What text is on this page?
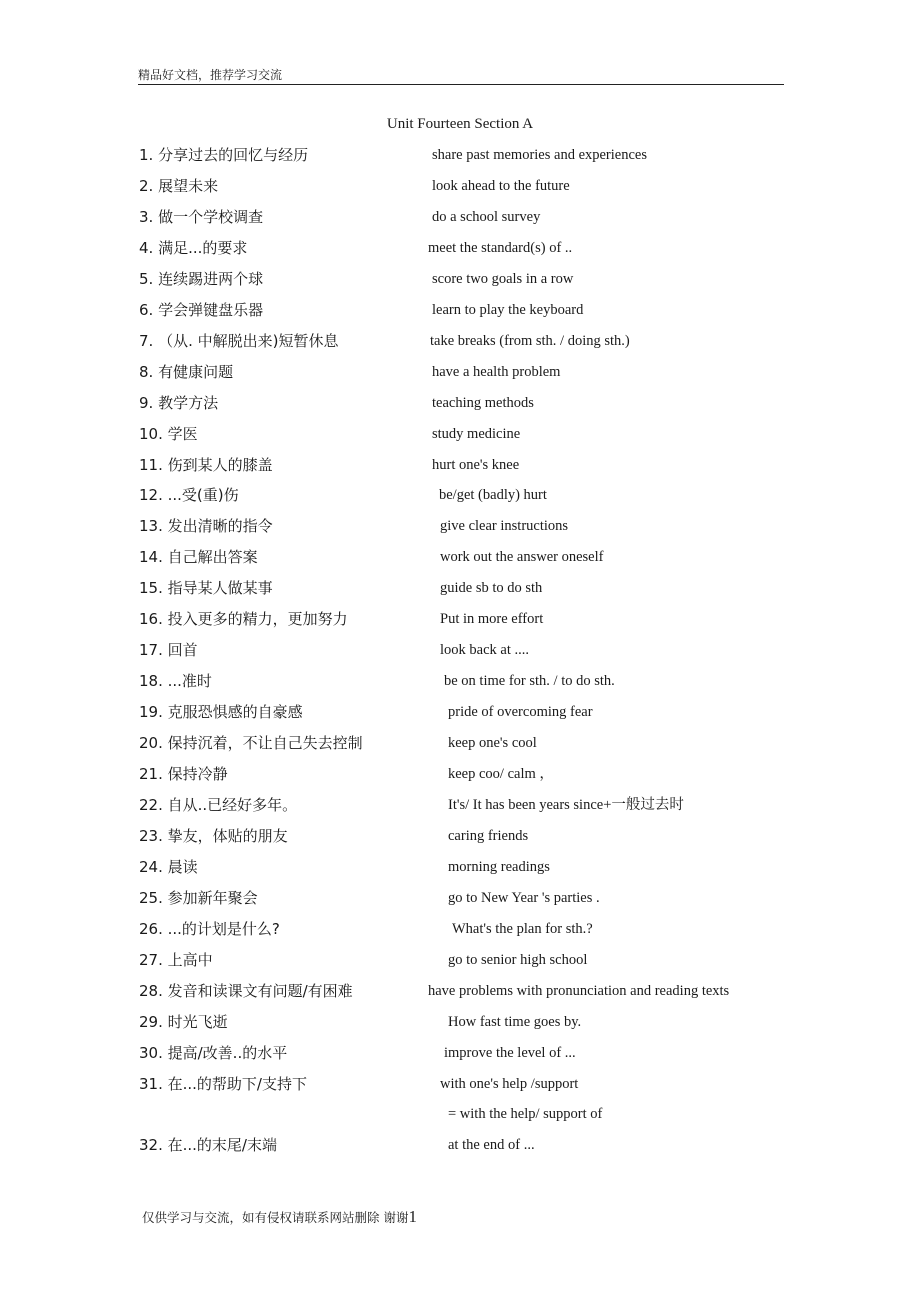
精品好文档，推荐学习交流
Unit Fourteen Section A
1. 分享过去的回忆与经历	share past memories and experiences
2. 展望未来	look ahead to the future
3. 做一个学校调查	do a school survey
4. 满足...的要求	meet the standard(s) of ..
5. 连续踢进两个球	score two goals in a row
6. 学会弹键盘乐器	learn to play the keyboard
7. （从. 中解脱出来)短暂休息	take breaks (from sth. / doing sth.)
8. 有健康问题	have a health problem
9. 教学方法	teaching methods
10. 学医	study medicine
11. 伤到某人的膝盖	hurt one's knee
12. ...受(重)伤	be/get (badly) hurt
13. 发出清晰的指令	give clear instructions
14. 自己解出答案	work out the answer oneself
15. 指导某人做某事	guide sb to do sth
16. 投入更多的精力，更加努力	Put in more effort
17. 回首	look back at ....
18. ...准时	be on time for sth. / to do sth.
19. 克服恐惧感的自豪感	pride of overcoming fear
20. 保持沉着，不让自己失去控制	keep one's cool
21. 保持冷静	keep coo/ calm ，
22. 自从..已经好多年。	It's/ It has been years since+一般过去时
23. 挚友，体贴的朋友	caring friends
24. 晨读	morning readings
25. 参加新年聚会	go to New Year 's parties .
26. ...的计划是什么?	What's the plan for sth.?
27. 上高中	go to senior high school
28. 发音和读课文有问题/有困难	have problems with pronunciation and reading texts
29. 时光飞逝	How fast time goes by.
30. 提高/改善..的水平	improve the level of ...
31. 在...的帮助下/支持下	with one's help /support
= with the help/ support of
32. 在...的末尾/末端	at the end of ...
仅供学习与交流，如有侵权请联系网站删除 谢谢1
